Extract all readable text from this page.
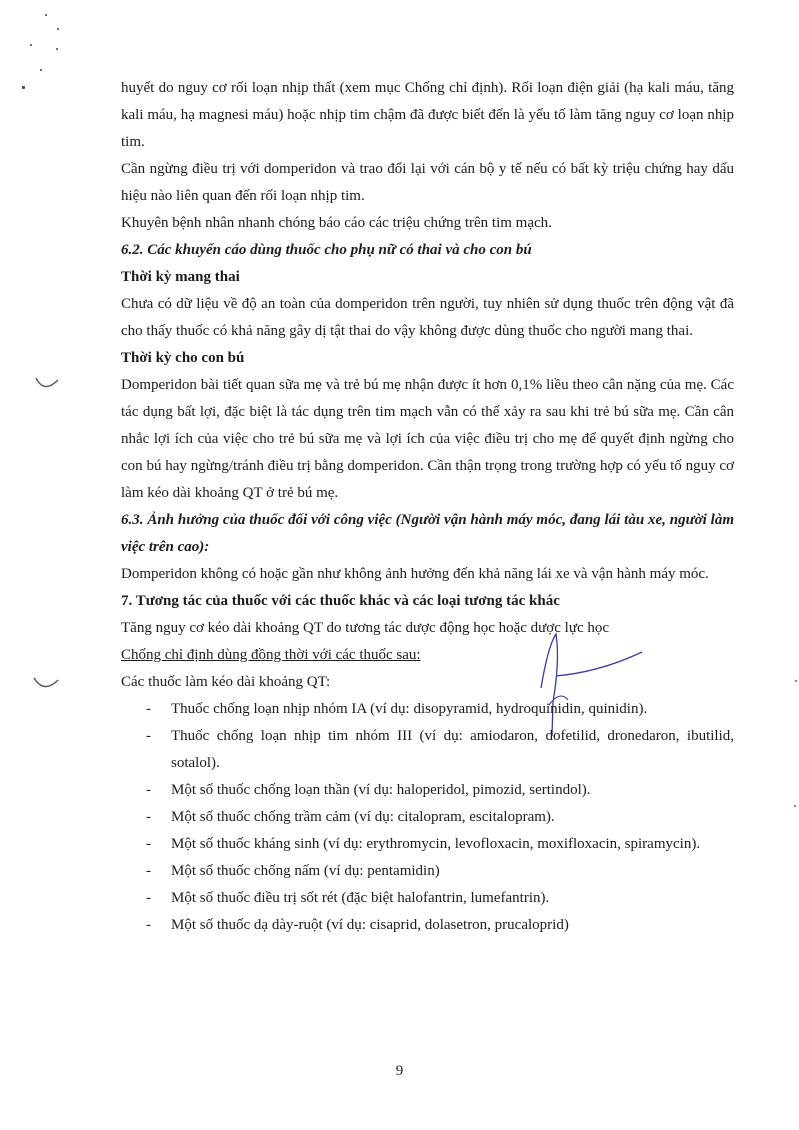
huyết do nguy cơ rối loạn nhịp thất (xem mục Chống chỉ định). Rối loạn điện giải (hạ kali máu, tăng kali máu, hạ magnesi máu) hoặc nhịp tim chậm đã được biết đến là yếu tố làm tăng nguy cơ loạn nhịp tim.

Cần ngừng điều trị với domperidon và trao đổi lại với cán bộ y tế nếu có bất kỳ triệu chứng hay dấu hiệu nào liên quan đến rối loạn nhịp tim.

Khuyên bệnh nhân nhanh chóng báo cáo các triệu chứng trên tim mạch.

6.2. Các khuyến cáo dùng thuốc cho phụ nữ có thai và cho con bú

Thời kỳ mang thai

Chưa có dữ liệu về độ an toàn của domperidon trên người, tuy nhiên sử dụng thuốc trên động vật đã cho thấy thuốc có khả năng gây dị tật thai do vậy không được dùng thuốc cho người mang thai.

Thời kỳ cho con bú

Domperidon bài tiết quan sữa mẹ và trẻ bú mẹ nhận được ít hơn 0,1% liều theo cân nặng của mẹ. Các tác dụng bất lợi, đặc biệt là tác dụng trên tim mạch vẫn có thể xảy ra sau khi trẻ bú sữa mẹ. Cần cân nhắc lợi ích của việc cho trẻ bú sữa mẹ và lợi ích của việc điều trị cho mẹ để quyết định ngừng cho con bú hay ngừng/tránh điều trị bằng domperidon. Cần thận trọng trong trường hợp có yếu tố nguy cơ làm kéo dài khoảng QT ở trẻ bú mẹ.

6.3. Ảnh hưởng của thuốc đối với công việc (Người vận hành máy móc, đang lái tàu xe, người làm việc trên cao):

Domperidon không có hoặc gần như không ảnh hưởng đến khả năng lái xe và vận hành máy móc.

7. Tương tác của thuốc với các thuốc khác và các loại tương tác khác

Tăng nguy cơ kéo dài khoảng QT do tương tác dược động học hoặc dược lực học

Chống chỉ định dùng đồng thời với các thuốc sau:

Các thuốc làm kéo dài khoảng QT:

- Thuốc chống loạn nhịp nhóm IA (ví dụ: disopyramid, hydroquinidin, quinidin).
- Thuốc chống loạn nhịp tim nhóm III (ví dụ: amiodaron, dofetilid, dronedaron, ibutilid, sotalol).
- Một số thuốc chống loạn thần (ví dụ: haloperidol, pimozid, sertindol).
- Một số thuốc chống trầm cảm (ví dụ: citalopram, escitalopram).
- Một số thuốc kháng sinh (ví dụ: erythromycin, levofloxacin, moxifloxacin, spiramycin).
- Một số thuốc chống nấm (ví dụ: pentamidin)
- Một số thuốc điều trị sốt rét (đặc biệt halofantrin, lumefantrin).
- Một số thuốc dạ dày-ruột (ví dụ: cisaprid, dolasetron, prucaloprid)
9
